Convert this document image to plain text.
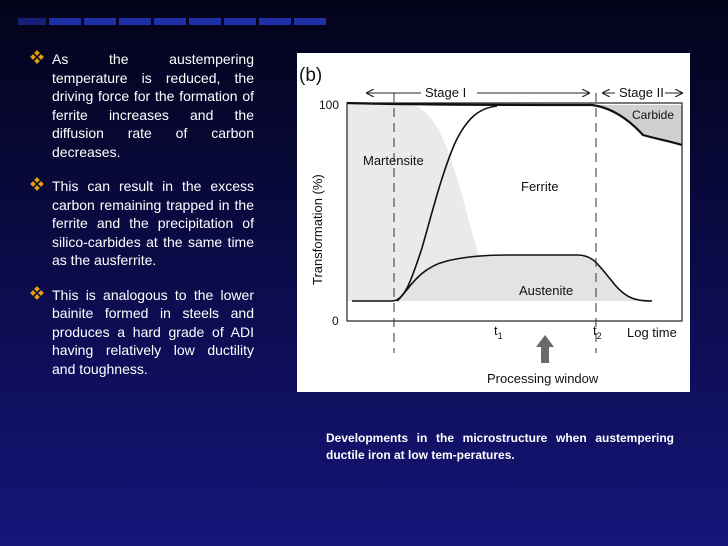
As the austempering temperature is reduced, the driving force for the formation of ferrite increases and the diffusion rate of carbon decreases.

This can result in the excess carbon remaining trapped in the ferrite and the precipitation of silico-carbides at the same time as the ausferrite.

This is analogous to the lower bainite formed in steels and produces a hard grade of ADI having relatively low ductility and toughness.

(b)
Stage I	Stage II
100
0
Transformation (%)
Martensite
Ferrite
Austenite
Carbide
$t_1$	$t_2$ Log time
Processing window
Developments in the microstructure when austempering ductile iron at low tem-peratures.
